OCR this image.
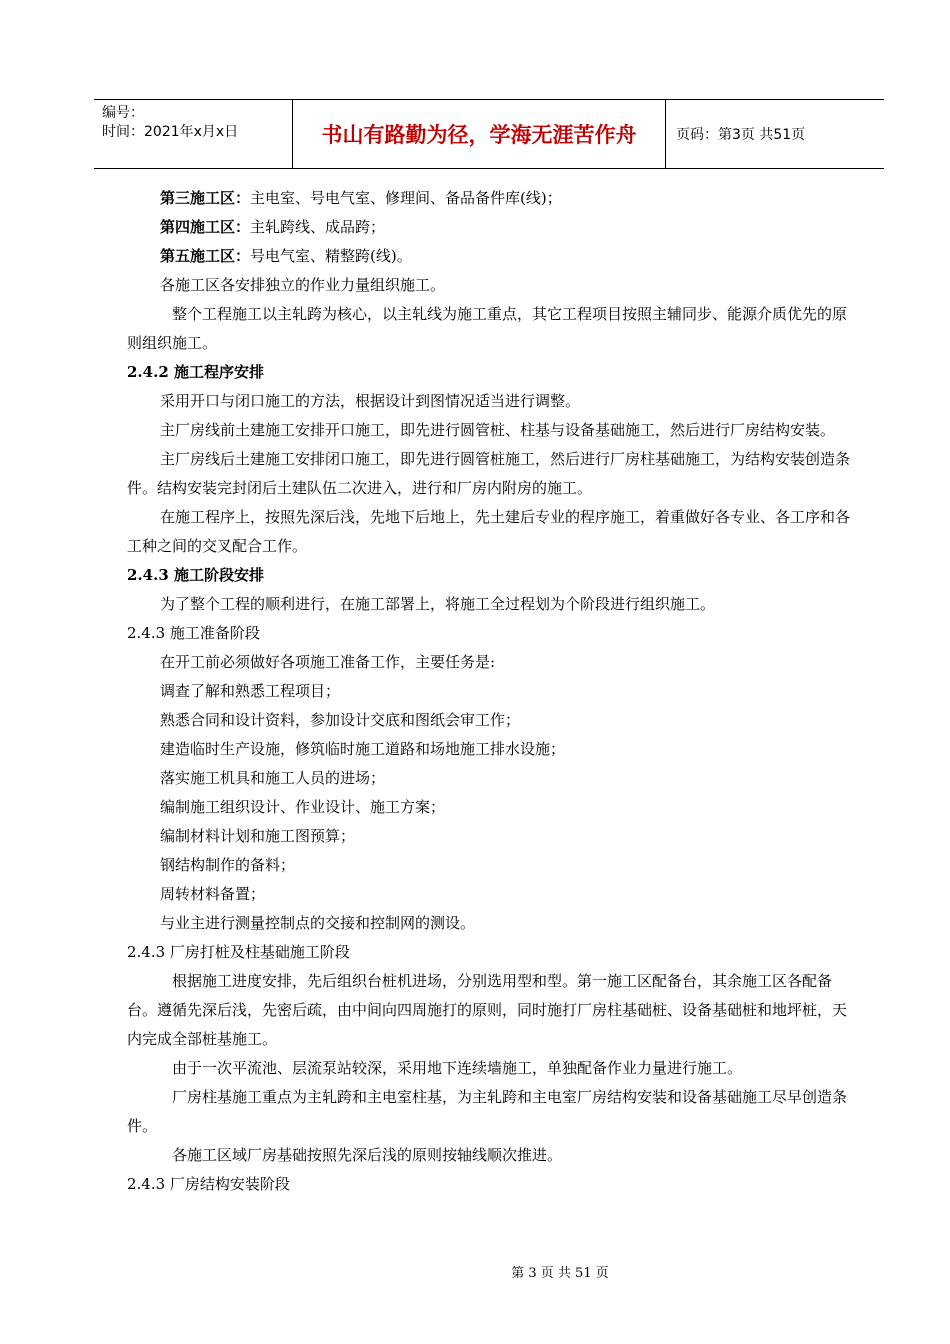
编号：
时间：2021年x月x日	书山有路勤为径，学海无涯苦作舟	页码：第3页 共51页

第三施工区：主电室、号电气室、修理间、备品备件库(线)；

第四施工区：主轧跨线、成品跨；

第五施工区：号电气室、精整跨(线)。

各施工区各安排独立的作业力量组织施工。

整个工程施工以主轧跨为核心，以主轧线为施工重点，其它工程项目按照主辅同步、能源介质优先的原则组织施工。

2.4.2 施工程序安排

采用开口与闭口施工的方法，根据设计到图情况适当进行调整。

主厂房线前土建施工安排开口施工，即先进行圆管桩、柱基与设备基础施工，然后进行厂房结构安装。

主厂房线后土建施工安排闭口施工，即先进行圆管桩施工，然后进行厂房柱基础施工，为结构安装创造条件。结构安装完封闭后土建队伍二次进入，进行和厂房内附房的施工。

在施工程序上，按照先深后浅，先地下后地上，先土建后专业的程序施工，着重做好各专业、各工序和各工种之间的交叉配合工作。

2.4.3 施工阶段安排

为了整个工程的顺利进行，在施工部署上，将施工全过程划为个阶段进行组织施工。

2.4.3 施工准备阶段

在开工前必须做好各项施工准备工作，主要任务是:

调查了解和熟悉工程项目；

熟悉合同和设计资料，参加设计交底和图纸会审工作；

建造临时生产设施，修筑临时施工道路和场地施工排水设施；

落实施工机具和施工人员的进场；

编制施工组织设计、作业设计、施工方案；

编制材料计划和施工图预算；

钢结构制作的备料；

周转材料备置；

与业主进行测量控制点的交接和控制网的测设。

2.4.3 厂房打桩及柱基础施工阶段

根据施工进度安排，先后组织台桩机进场，分别选用型和型。第一施工区配备台，其余施工区各配备台。遵循先深后浅，先密后疏，由中间向四周施打的原则，同时施打厂房柱基础桩、设备基础桩和地坪桩，天内完成全部桩基施工。

由于一次平流池、层流泵站较深，采用地下连续墙施工，单独配备作业力量进行施工。

厂房柱基施工重点为主轧跨和主电室柱基，为主轧跨和主电室厂房结构安装和设备基础施工尽早创造条件。

各施工区域厂房基础按照先深后浅的原则按轴线顺次推进。

2.4.3 厂房结构安装阶段

第 3 页 共 51 页
